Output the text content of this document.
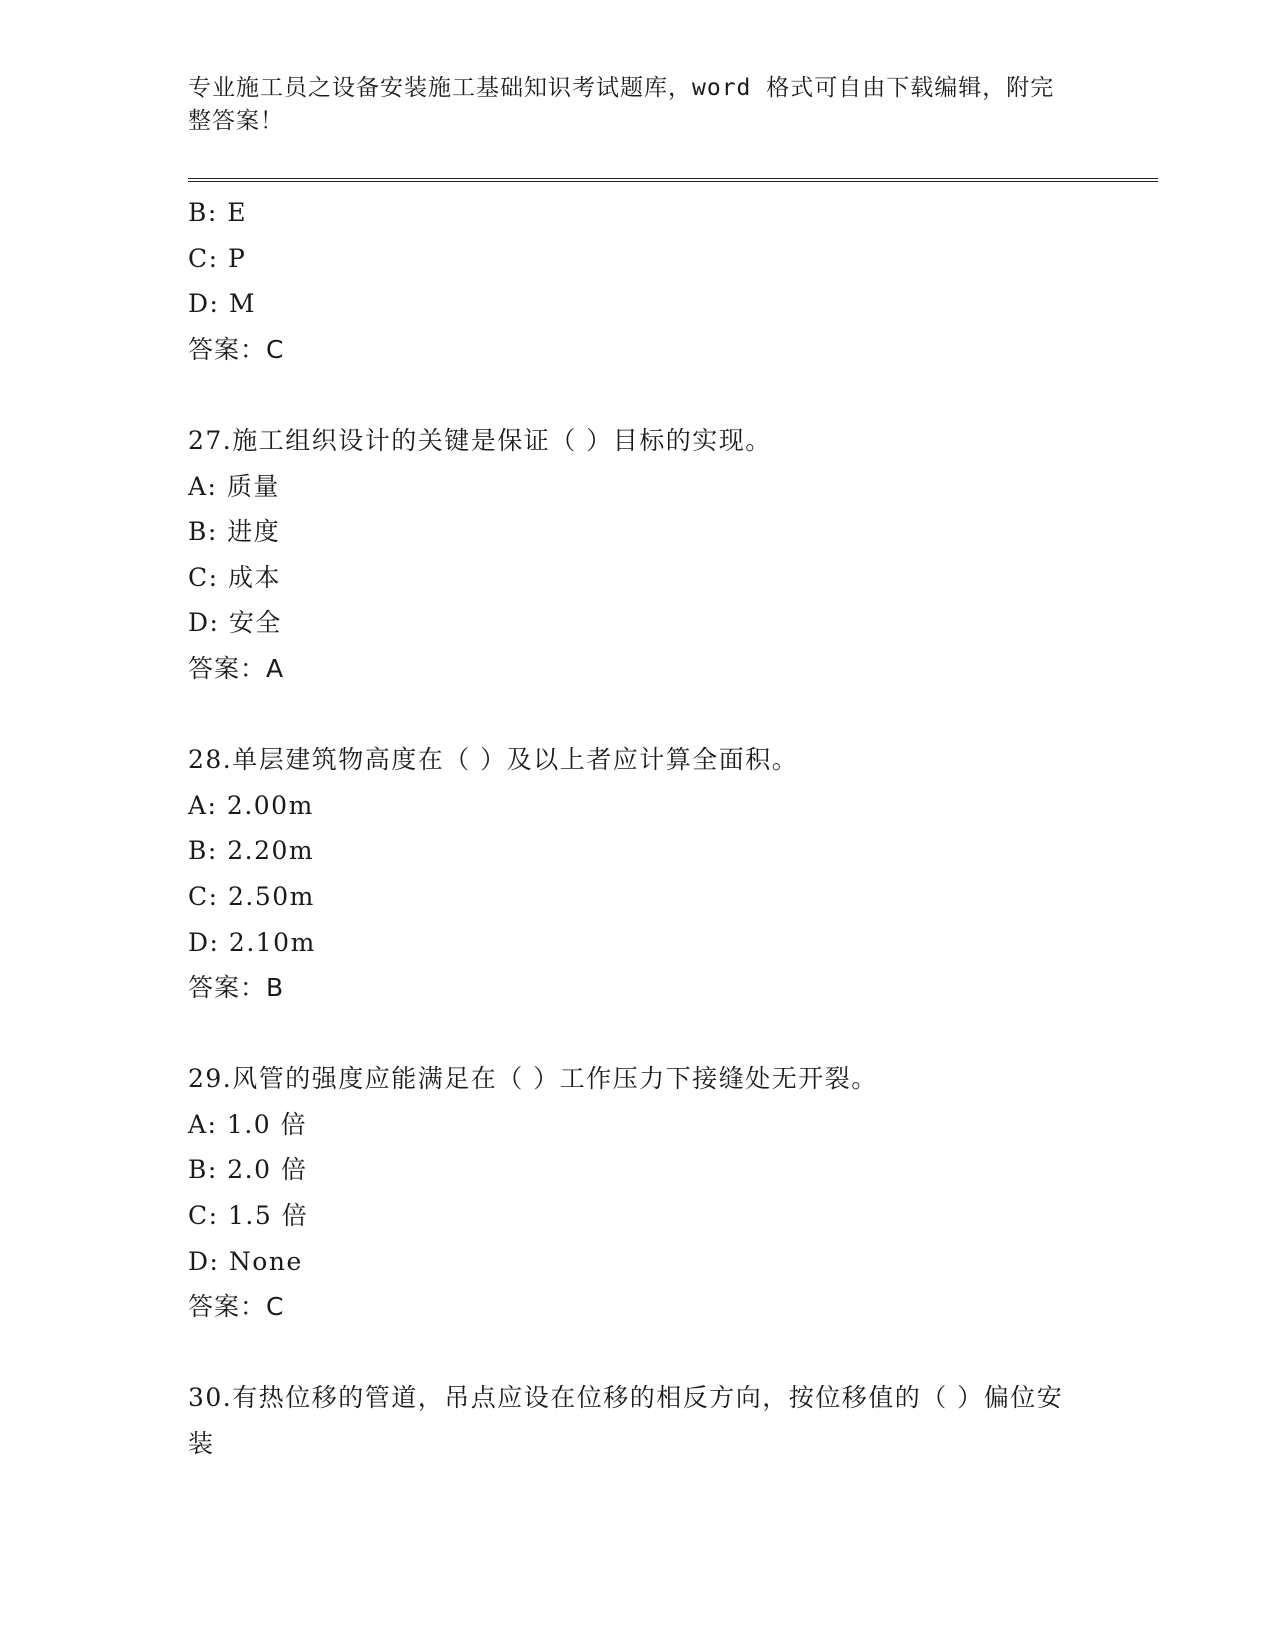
专业施工员之设备安装施工基础知识考试题库，word 格式可自由下载编辑，附完整答案！
B: E
C: P
D: M
答案：C
27.施工组织设计的关键是保证（ ）目标的实现。
A: 质量
B: 进度
C: 成本
D: 安全
答案：A
28.单层建筑物高度在（ ）及以上者应计算全面积。
A: 2.00m
B: 2.20m
C: 2.50m
D: 2.10m
答案：B
29.风管的强度应能满足在（ ）工作压力下接缝处无开裂。
A: 1.0 倍
B: 2.0 倍
C: 1.5 倍
D: None
答案：C
30.有热位移的管道，吊点应设在位移的相反方向，按位移值的（ ）偏位安装
